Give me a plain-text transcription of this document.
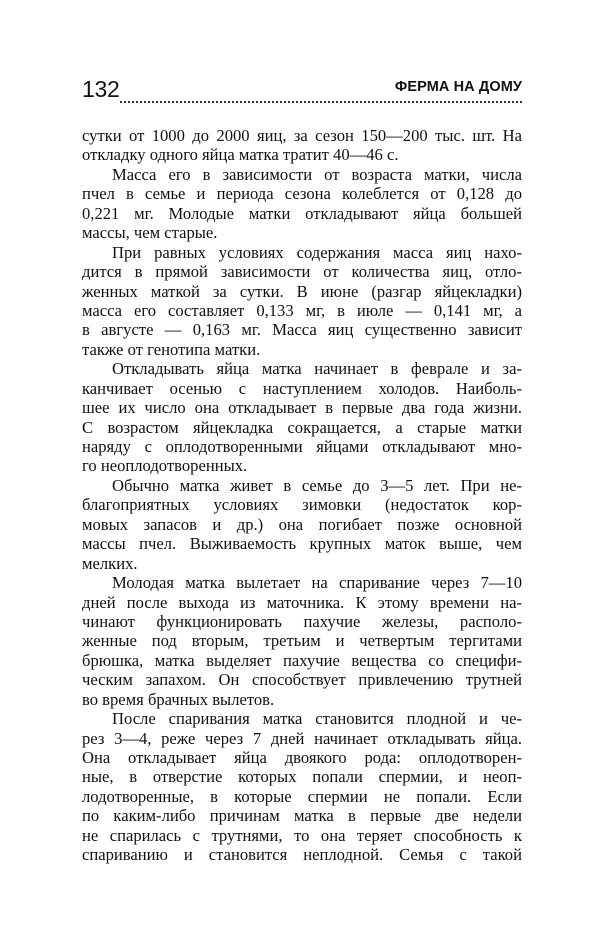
132	ФЕРМА НА ДОМУ
сутки от 1000 до 2000 яиц, за сезон 150—200 тыс. шт. На
откладку одного яйца матка тратит 40—46 с.
Масса его в зависимости от возраста матки, числа
пчел в семье и периода сезона колеблется от 0,128 до
0,221 мг. Молодые матки откладывают яйца большей
массы, чем старые.
При равных условиях содержания масса яиц нахо-
дится в прямой зависимости от количества яиц, отло-
женных маткой за сутки. В июне (разгар яйцекладки)
масса его составляет 0,133 мг, в июле — 0,141 мг, а
в августе — 0,163 мг. Масса яиц существенно зависит
также от генотипа матки.
Откладывать яйца матка начинает в феврале и за-
канчивает осенью с наступлением холодов. Наиболь-
шее их число она откладывает в первые два года жизни.
С возрастом яйцекладка сокращается, а старые матки
наряду с оплодотворенными яйцами откладывают мно-
го неоплодотворенных.
Обычно матка живет в семье до 3—5 лет. При не-
благоприятных условиях зимовки (недостаток кор-
мовых запасов и др.) она погибает позже основной
массы пчел. Выживаемость крупных маток выше, чем
мелких.
Молодая матка вылетает на спаривание через 7—10
дней после выхода из маточника. К этому времени на-
чинают функционировать пахучие железы, располо-
женные под вторым, третьим и четвертым тергитами
брюшка, матка выделяет пахучие вещества со специфи-
ческим запахом. Он способствует привлечению трутней
во время брачных вылетов.
После спаривания матка становится плодной и че-
рез 3—4, реже через 7 дней начинает откладывать яйца.
Она откладывает яйца двоякого рода: оплодотворен-
ные, в отверстие которых попали спермии, и неоп-
лодотворенные, в которые спермии не попали. Если
по каким-либо причинам матка в первые две недели
не спарилась с трутнями, то она теряет способность к
спариванию и становится неплодной. Семья с такой
